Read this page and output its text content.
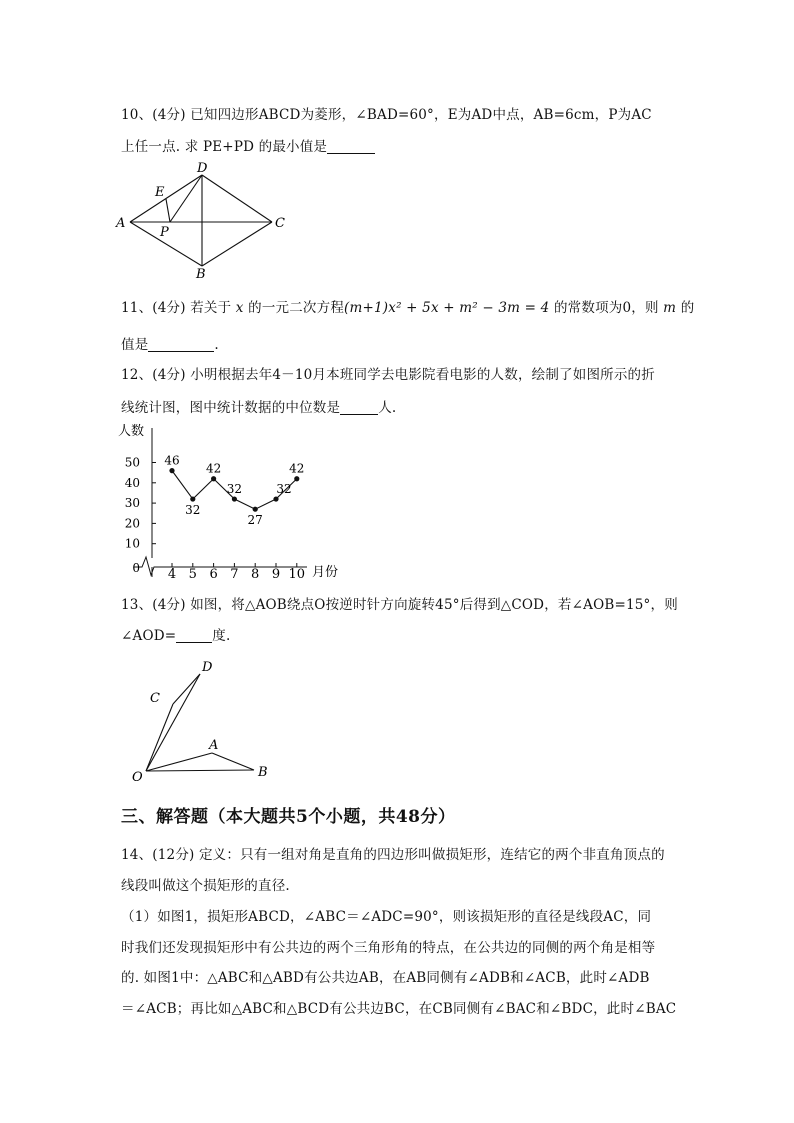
10、(4分) 已知四边形ABCD为菱形，∠BAD=60°，E为AD中点，AB=6cm，P为AC
上任一点. 求 PE+PD 的最小值是
A
D
C
B
E
P
11、(4分) 若关于 x 的一元二次方程(m+1)x² + 5x + m² − 3m = 4 的常数项为0，则 m 的
值是	.
12、(4分) 小明根据去年4－10月本班同学去电影院看电影的人数，绘制了如图所示的折
线统计图，图中统计数据的中位数是	人.
0
10
20
30
40
50
4 5 6 7 8 9 10
46
32
42
32
27
32
42
人数
月份
13、(4分) 如图，将△AOB绕点O按逆时针方向旋转45°后得到△COD，若∠AOB=15°，则
∠AOD=	度.
D
C
A
B
O
三、解答题（本大题共5个小题，共48分）
14、(12分) 定义：只有一组对角是直角的四边形叫做损矩形，连结它的两个非直角顶点的
线段叫做这个损矩形的直径.
（1）如图1，损矩形ABCD，∠ABC＝∠ADC=90°，则该损矩形的直径是线段AC，同
时我们还发现损矩形中有公共边的两个三角形角的特点，在公共边的同侧的两个角是相等
的. 如图1中：△ABC和△ABD有公共边AB，在AB同侧有∠ADB和∠ACB，此时∠ADB
＝∠ACB；再比如△ABC和△BCD有公共边BC，在CB同侧有∠BAC和∠BDC，此时∠BAC
